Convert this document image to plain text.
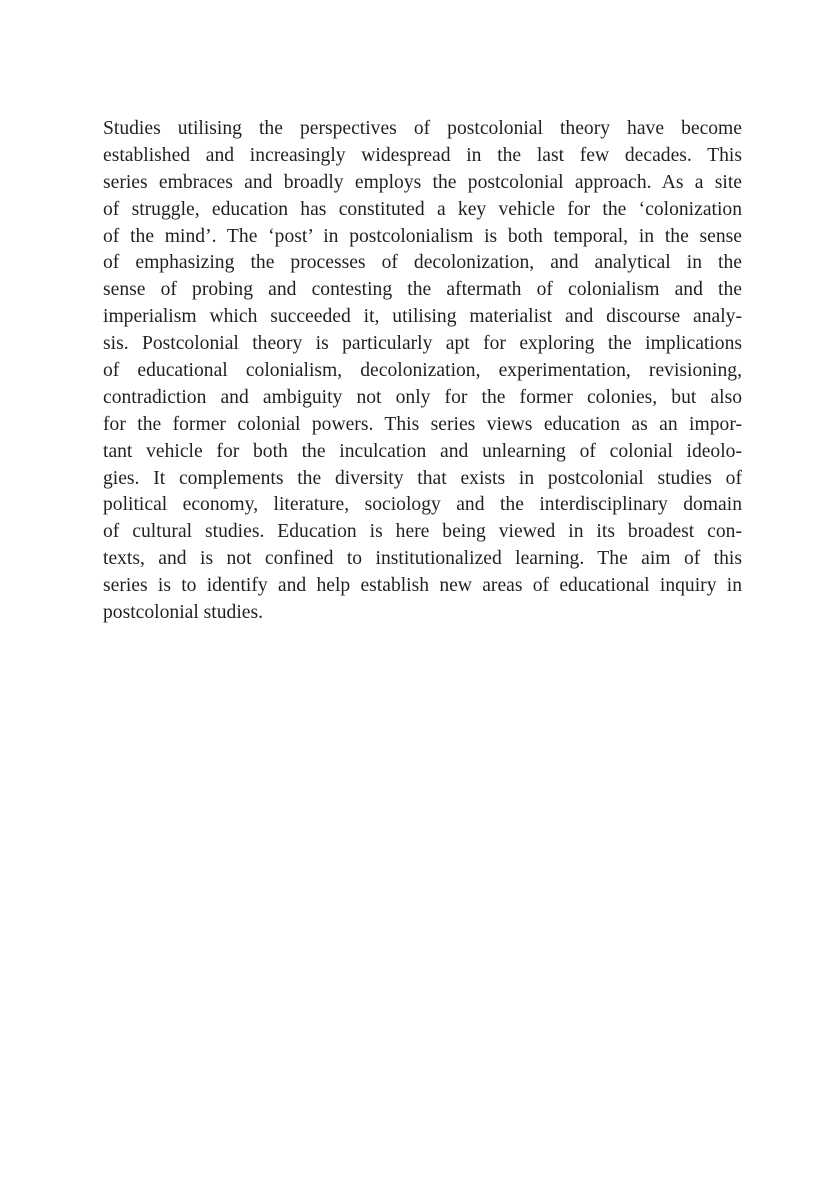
Studies utilising the perspectives of postcolonial theory have become
established and increasingly widespread in the last few decades. This
series embraces and broadly employs the postcolonial approach. As a site
of struggle, education has constituted a key vehicle for the ‘colonization
of the mind’. The ‘post’ in postcolonialism is both temporal, in the sense
of emphasizing the processes of decolonization, and analytical in the
sense of probing and contesting the aftermath of colonialism and the
imperialism which succeeded it, utilising materialist and discourse analy-
sis. Postcolonial theory is particularly apt for exploring the implications
of educational colonialism, decolonization, experimentation, revisioning,
contradiction and ambiguity not only for the former colonies, but also
for the former colonial powers. This series views education as an impor-
tant vehicle for both the inculcation and unlearning of colonial ideolo-
gies. It complements the diversity that exists in postcolonial studies of
political economy, literature, sociology and the interdisciplinary domain
of cultural studies. Education is here being viewed in its broadest con-
texts, and is not confined to institutionalized learning. The aim of this
series is to identify and help establish new areas of educational inquiry in
postcolonial studies.
